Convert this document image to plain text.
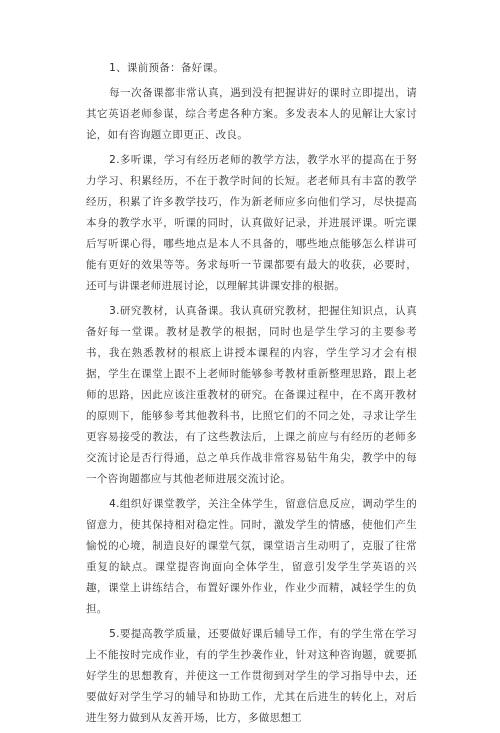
1、课前预备：备好课。

每一次备课都非常认真，遇到没有把握讲好的课时立即提出，请其它英语老师参谋，综合考虑各种方案。多发表本人的见解让大家讨论，如有咨询题立即更正、改良。

2.多听课，学习有经历老师的教学方法，教学水平的提高在于努力学习、积累经历，不在于教学时间的长短。老老师具有丰富的教学经历，积累了许多教学技巧，作为新老师应多向他们学习，尽快提高本身的教学水平，听课的同时，认真做好记录，并进展评课。听完课后写听课心得，哪些地点是本人不具备的，哪些地点能够怎么样讲可能有更好的效果等等。务求每听一节课都要有最大的收获，必要时，还可与讲课老师进展讨论，以理解其讲课安排的根据。

3.研究教材，认真备课。我认真研究教材，把握住知识点，认真备好每一堂课。教材是教学的根据，同时也是学生学习的主要参考书，我在熟悉教材的根底上讲授本课程的内容，学生学习才会有根据，学生在课堂上跟不上老师时能够参考教材重新整理思路，跟上老师的思路，因此应该注重教材的研究。在备课过程中，在不离开教材的原则下，能够参考其他教科书，比照它们的不同之处，寻求让学生更容易接受的教法，有了这些教法后，上课之前应与有经历的老师多交流讨论是否行得通，总之单兵作战非常容易钻牛角尖，教学中的每一个咨询题都应与其他老师进展交流讨论。

4.组织好课堂教学，关注全体学生，留意信息反应，调动学生的留意力，使其保持相对稳定性。同时，激发学生的情感，使他们产生愉悦的心境，制造良好的课堂气氛，课堂语言生动明了，克服了往常重复的缺点。课堂提咨询面向全体学生，留意引发学生学英语的兴趣，课堂上讲练结合，布置好课外作业，作业少而精，减轻学生的负担。

5.要提高教学质量，还要做好课后辅导工作，有的学生常在学习上不能按时完成作业，有的学生抄袭作业，针对这种咨询题，就要抓好学生的思想教育，并使这一工作贯彻到对学生的学习指导中去，还要做好对学生学习的辅导和协助工作，尤其在后进生的转化上，对后进生努力做到从友善开场，比方，多做思想工
